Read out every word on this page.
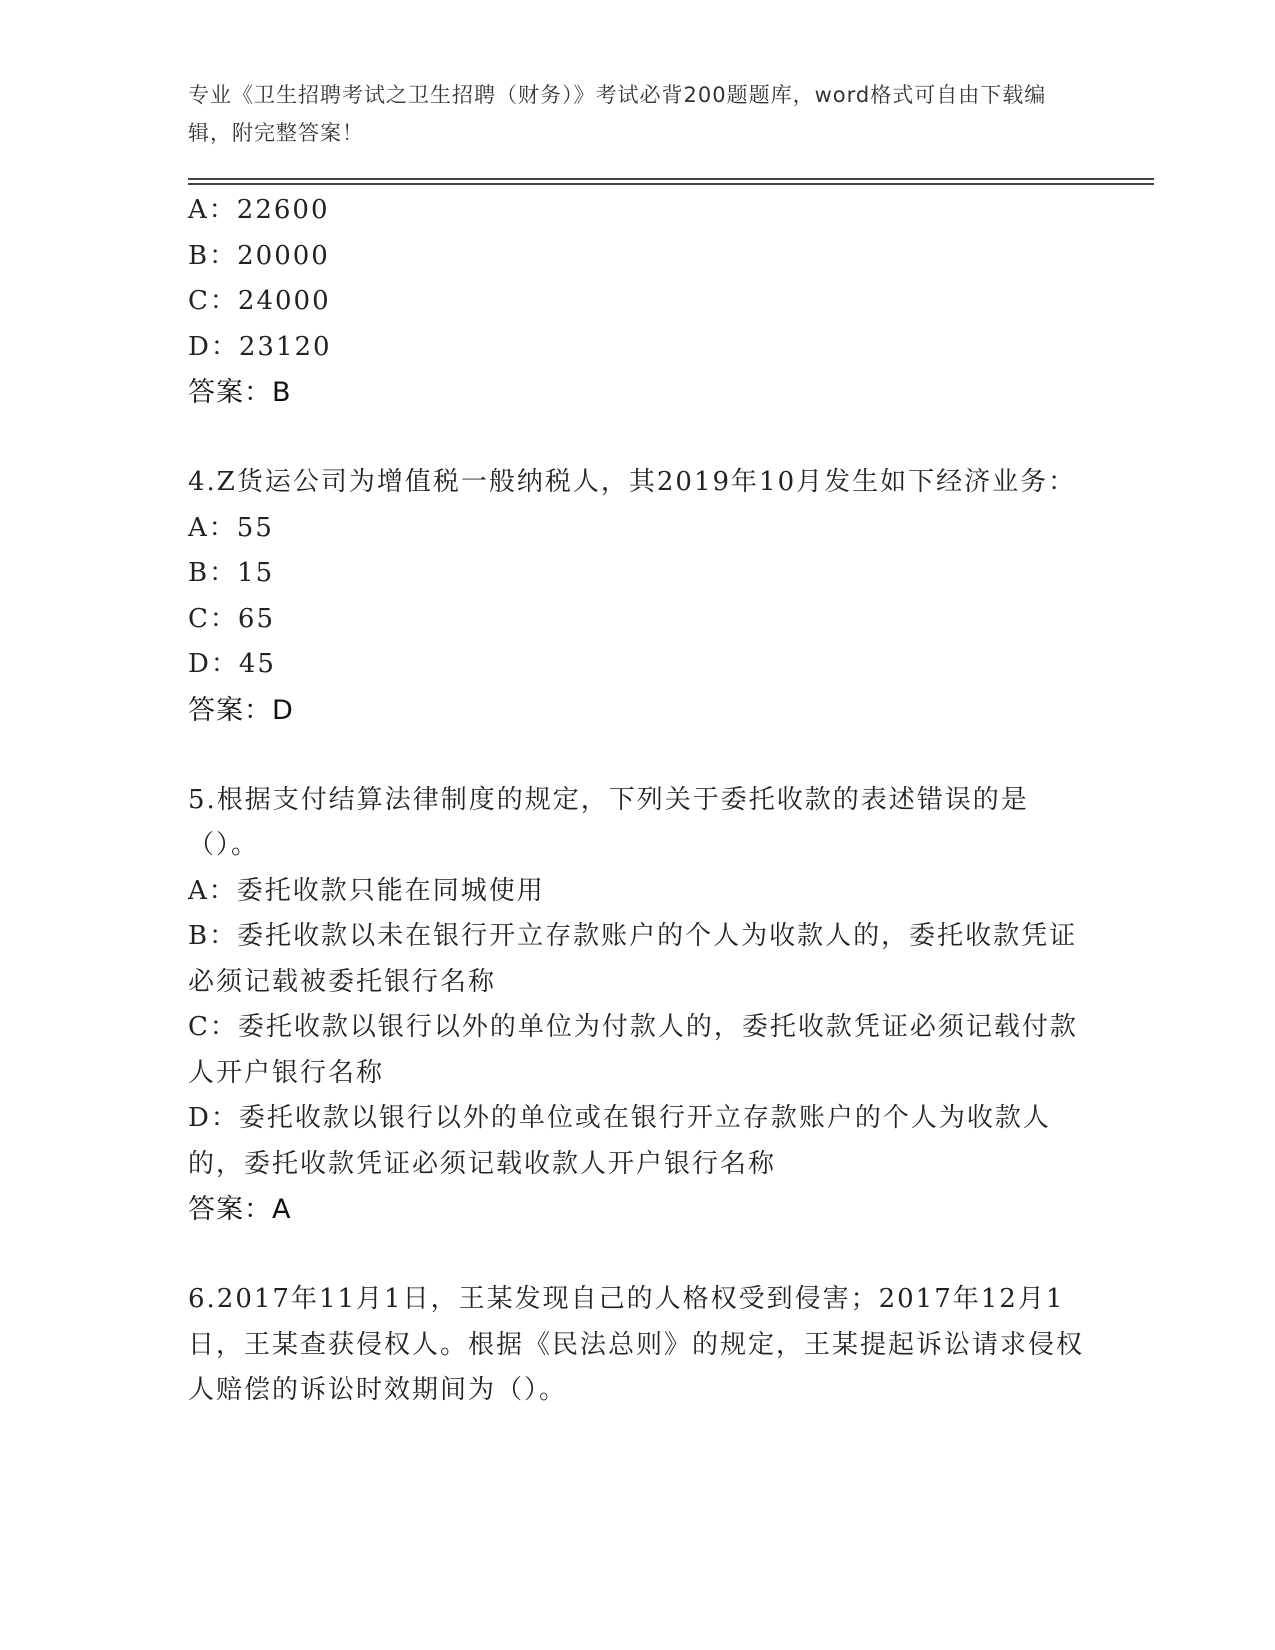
专业《卫生招聘考试之卫生招聘（财务）》考试必背200题题库，word格式可自由下载编辑，附完整答案！
A：22600
B：20000
C：24000
D：23120
答案：B
4.Z货运公司为增值税一般纳税人，其2019年10月发生如下经济业务：
A：55
B：15
C：65
D：45
答案：D
5.根据支付结算法律制度的规定，下列关于委托收款的表述错误的是（）。
A：委托收款只能在同城使用
B：委托收款以未在银行开立存款账户的个人为收款人的，委托收款凭证必须记载被委托银行名称
C：委托收款以银行以外的单位为付款人的，委托收款凭证必须记载付款人开户银行名称
D：委托收款以银行以外的单位或在银行开立存款账户的个人为收款人的，委托收款凭证必须记载收款人开户银行名称
答案：A
6.2017年11月1日，王某发现自己的人格权受到侵害；2017年12月1日，王某查获侵权人。根据《民法总则》的规定，王某提起诉讼请求侵权人赔偿的诉讼时效期间为（）。
